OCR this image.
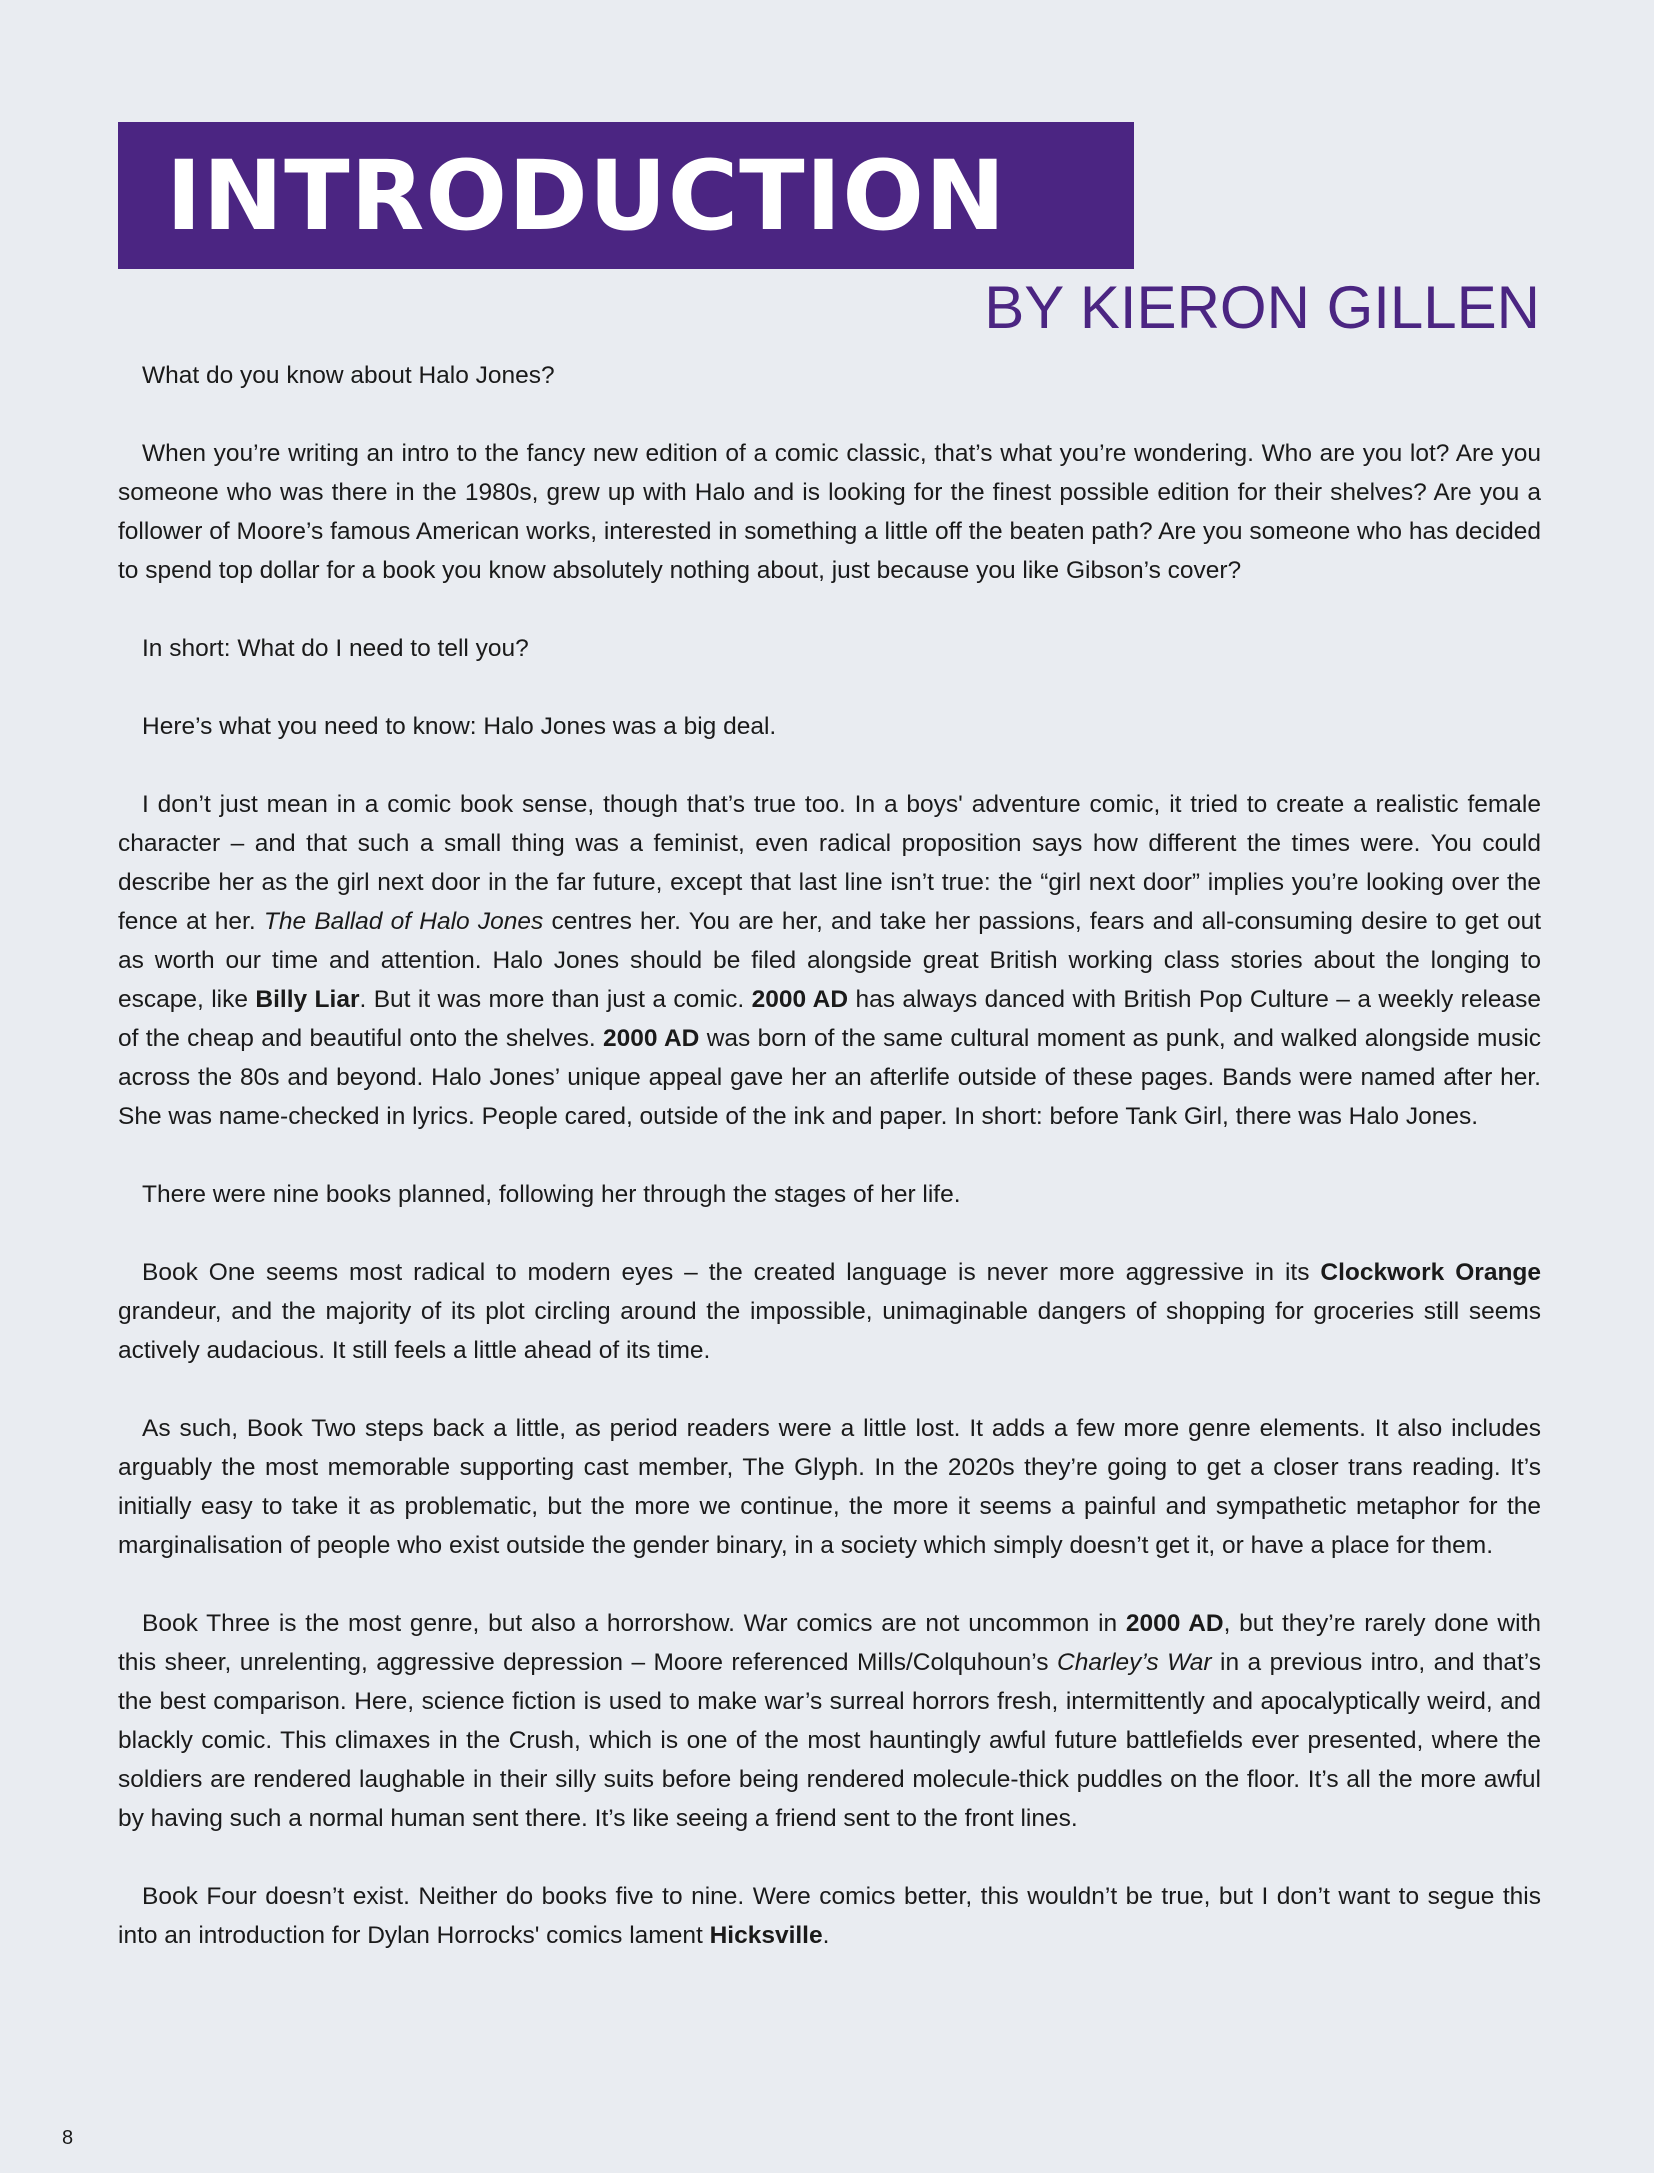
INTRODUCTION
BY KIERON GILLEN

What do you know about Halo Jones?

When you’re writing an intro to the fancy new edition of a comic classic, that’s what you’re wondering. Who are you lot? Are you someone who was there in the 1980s, grew up with Halo and is looking for the finest possible edition for their shelves? Are you a follower of Moore’s famous American works, interested in something a little off the beaten path? Are you someone who has decided to spend top dollar for a book you know absolutely nothing about, just because you like Gibson’s cover?

In short: What do I need to tell you?

Here’s what you need to know: Halo Jones was a big deal.

I don’t just mean in a comic book sense, though that’s true too. In a boys' adventure comic, it tried to create a realistic female character – and that such a small thing was a feminist, even radical proposition says how different the times were. You could describe her as the girl next door in the far future, except that last line isn’t true: the “girl next door” implies you’re looking over the fence at her. The Ballad of Halo Jones centres her. You are her, and take her passions, fears and all-consuming desire to get out as worth our time and attention. Halo Jones should be filed alongside great British working class stories about the longing to escape, like Billy Liar. But it was more than just a comic. 2000 AD has always danced with British Pop Culture – a weekly release of the cheap and beautiful onto the shelves. 2000 AD was born of the same cultural moment as punk, and walked alongside music across the 80s and beyond. Halo Jones’ unique appeal gave her an afterlife outside of these pages. Bands were named after her. She was name-checked in lyrics. People cared, outside of the ink and paper. In short: before Tank Girl, there was Halo Jones.

There were nine books planned, following her through the stages of her life.

Book One seems most radical to modern eyes – the created language is never more aggressive in its Clockwork Orange grandeur, and the majority of its plot circling around the impossible, unimaginable dangers of shopping for groceries still seems actively audacious. It still feels a little ahead of its time.

As such, Book Two steps back a little, as period readers were a little lost. It adds a few more genre elements. It also includes arguably the most memorable supporting cast member, The Glyph. In the 2020s they’re going to get a closer trans reading. It’s initially easy to take it as problematic, but the more we continue, the more it seems a painful and sympathetic metaphor for the marginalisation of people who exist outside the gender binary, in a society which simply doesn’t get it, or have a place for them.

Book Three is the most genre, but also a horrorshow. War comics are not uncommon in 2000 AD, but they’re rarely done with this sheer, unrelenting, aggressive depression – Moore referenced Mills/Colquhoun’s Charley’s War in a previous intro, and that’s the best comparison. Here, science fiction is used to make war’s surreal horrors fresh, intermittently and apocalyptically weird, and blackly comic. This climaxes in the Crush, which is one of the most hauntingly awful future battlefields ever presented, where the soldiers are rendered laughable in their silly suits before being rendered molecule-thick puddles on the floor. It’s all the more awful by having such a normal human sent there. It’s like seeing a friend sent to the front lines.

Book Four doesn’t exist. Neither do books five to nine. Were comics better, this wouldn’t be true, but I don’t want to segue this into an introduction for Dylan Horrocks' comics lament Hicksville.

8
